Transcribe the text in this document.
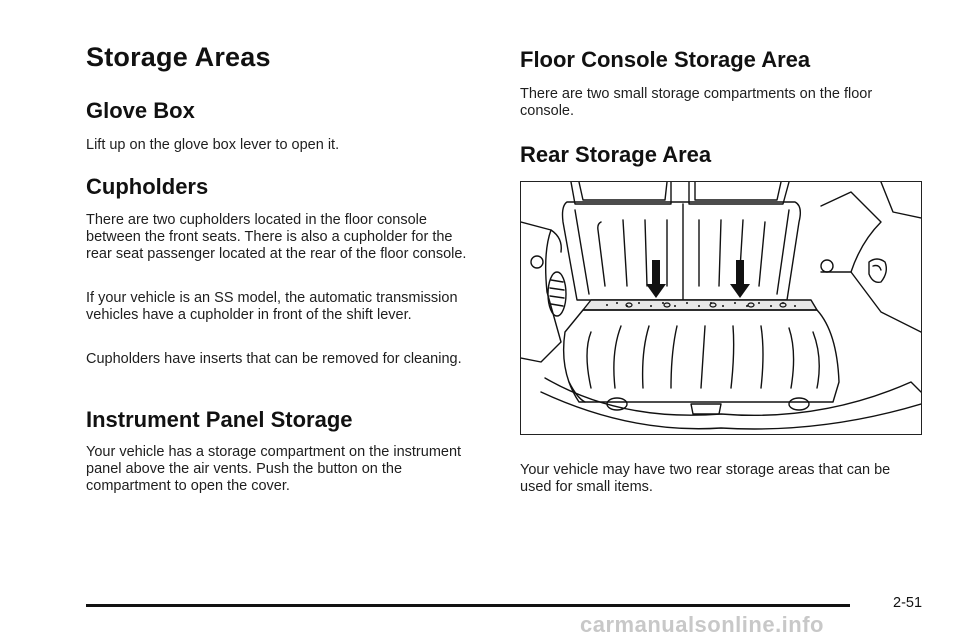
Storage Areas
Glove Box

Lift up on the glove box lever to open it.

Cupholders

There are two cupholders located in the floor console between the front seats. There is also a cupholder for the rear seat passenger located at the rear of the floor console.

If your vehicle is an SS model, the automatic transmission vehicles have a cupholder in front of the shift lever.

Cupholders have inserts that can be removed for cleaning.

Instrument Panel Storage

Your vehicle has a storage compartment on the instrument panel above the air vents. Push the button on the compartment to open the cover.

Floor Console Storage Area

There are two small storage compartments on the floor console.

Rear Storage Area

Your vehicle may have two rear storage areas that can be used for small items.

2-51
carmanualsonline.info
